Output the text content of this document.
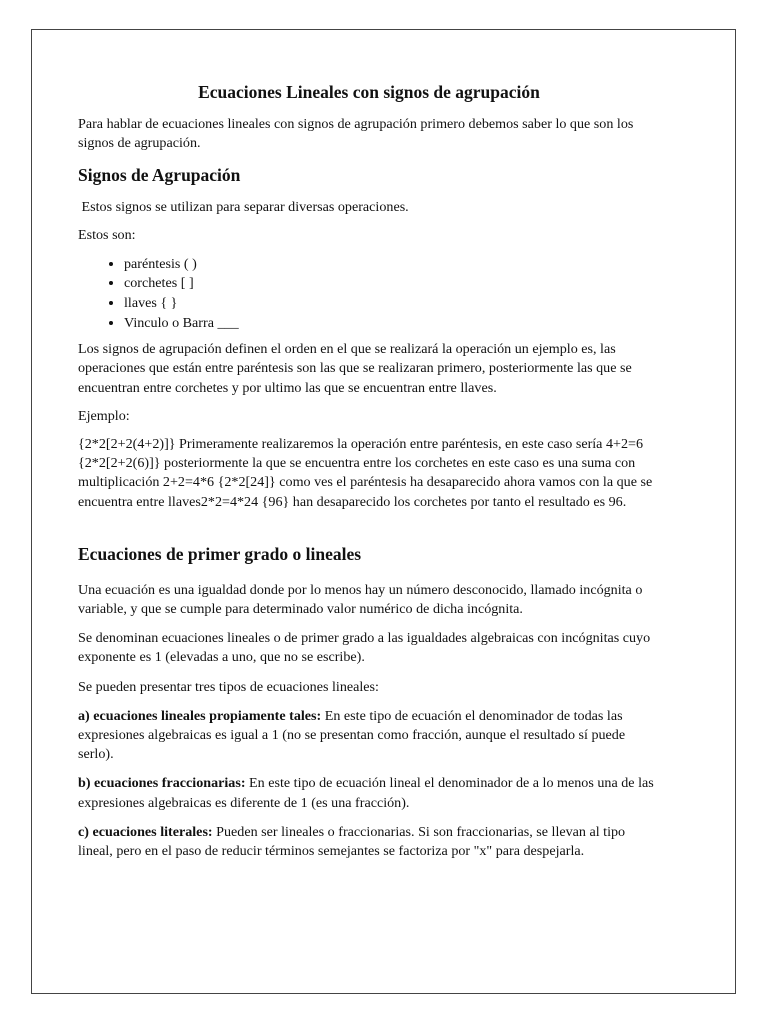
Ecuaciones Lineales con signos de agrupación

Para hablar de ecuaciones lineales con signos de agrupación primero debemos saber lo que son los signos de agrupación.

Signos de Agrupación

Estos signos se utilizan para separar diversas operaciones.

Estos son:

• paréntesis ( )
• corchetes [ ]
• llaves { }
• Vinculo o Barra ___

Los signos de agrupación definen el orden en el que se realizará la operación un ejemplo es, las operaciones que están entre paréntesis son las que se realizaran primero, posteriormente las que se encuentran entre corchetes y por ultimo las que se encuentran entre llaves.

Ejemplo:

{2*2[2+2(4+2)]} Primeramente realizaremos la operación entre paréntesis, en este caso sería 4+2=6 {2*2[2+2(6)]} posteriormente la que se encuentra entre los corchetes en este caso es una suma con multiplicación 2+2=4*6 {2*2[24]} como ves el paréntesis ha desaparecido ahora vamos con la que se encuentra entre llaves2*2=4*24 {96} han desaparecido los corchetes por tanto el resultado es 96.

Ecuaciones de primer grado o lineales

Una ecuación es una igualdad donde por lo menos hay un número desconocido, llamado incógnita o variable, y que se cumple para determinado valor numérico de dicha incógnita.

Se denominan ecuaciones lineales o de primer grado a las igualdades algebraicas con incógnitas cuyo exponente es 1 (elevadas a uno, que no se escribe).

Se pueden presentar tres tipos de ecuaciones lineales:

a) ecuaciones lineales propiamente tales: En este tipo de ecuación el denominador de todas las expresiones algebraicas es igual a 1 (no se presentan como fracción, aunque el resultado sí puede serlo).

b) ecuaciones fraccionarias: En este tipo de ecuación lineal el denominador de a lo menos una de las expresiones algebraicas es diferente de 1 (es una fracción).

c) ecuaciones literales: Pueden ser lineales o fraccionarias. Si son fraccionarias, se llevan al tipo lineal, pero en el paso de reducir términos semejantes se factoriza por "x" para despejarla.
